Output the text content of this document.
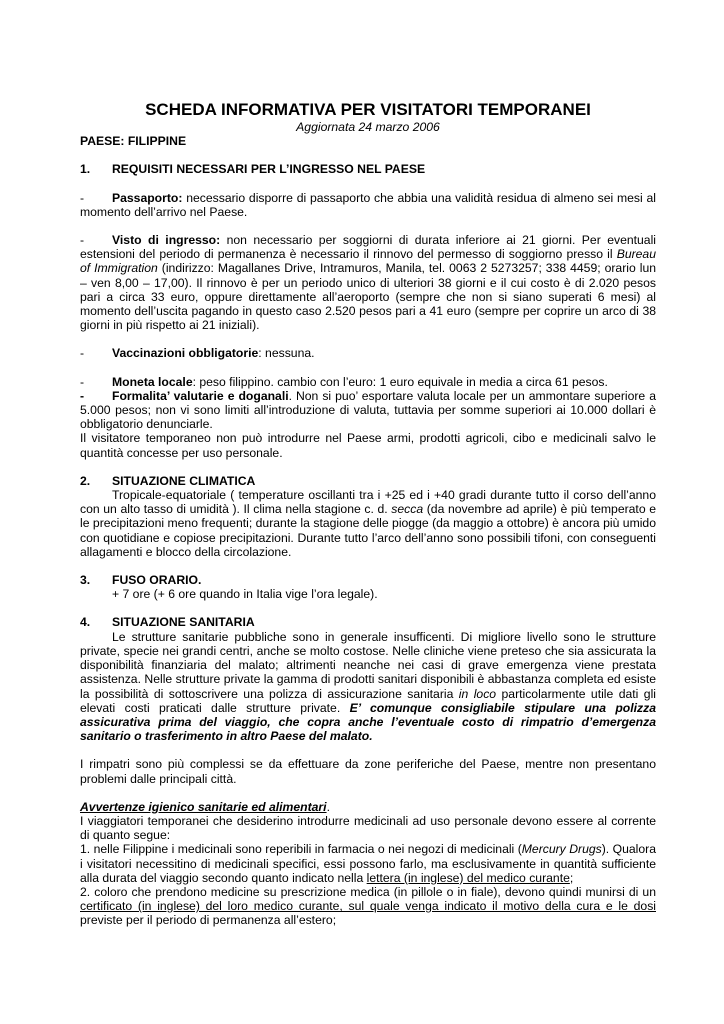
SCHEDA INFORMATIVA PER VISITATORI TEMPORANEI
Aggiornata 24 marzo 2006
PAESE: FILIPPINE
1.	REQUISITI NECESSARI PER L’INGRESSO NEL PAESE

- Passaporto: necessario disporre di passaporto che abbia una validità residua di almeno sei mesi al momento dell’arrivo nel Paese.

- Visto di ingresso: non necessario per soggiorni di durata inferiore ai 21 giorni. Per eventuali estensioni del periodo di permanenza è necessario il rinnovo del permesso di soggiorno presso il Bureau of Immigration (indirizzo: Magallanes Drive, Intramuros, Manila, tel. 0063 2 5273257; 338 4459; orario lun – ven 8,00 – 17,00). Il rinnovo è per un periodo unico di ulteriori 38 giorni e il cui costo è di 2.020 pesos pari a circa 33 euro, oppure direttamente all’aeroporto (sempre che non si siano superati 6 mesi) al momento dell’uscita pagando in questo caso 2.520 pesos pari a 41 euro (sempre per coprire un arco di 38 giorni in più rispetto ai 21 iniziali).

- Vaccinazioni obbligatorie: nessuna.

- Moneta locale: peso filippino. cambio con l’euro: 1 euro equivale in media a circa 61 pesos.

- Formalita’ valutarie e doganali. Non si puo’ esportare valuta locale per un ammontare superiore a 5.000 pesos; non vi sono limiti all’introduzione di valuta, tuttavia per somme superiori ai 10.000 dollari è obbligatorio denunciarle.

Il visitatore temporaneo non può introdurre nel Paese armi, prodotti agricoli, cibo e medicinali salvo le quantità concesse per uso personale.

2.	SITUAZIONE CLIMATICA

Tropicale-equatoriale ( temperature oscillanti tra i +25 ed i +40 gradi durante tutto il corso dell’anno con un alto tasso di umidità ). Il clima nella stagione c. d. secca (da novembre ad aprile) è più temperato e le precipitazioni meno frequenti; durante la stagione delle piogge (da maggio a ottobre) è ancora più umido con quotidiane e copiose precipitazioni. Durante tutto l’arco dell’anno sono possibili tifoni, con conseguenti allagamenti e blocco della circolazione.

3.	FUSO ORARIO.

+ 7 ore (+ 6 ore quando in Italia vige l’ora legale).

4.	SITUAZIONE SANITARIA

Le strutture sanitarie pubbliche sono in generale insufficenti. Di migliore livello sono le strutture private, specie nei grandi centri, anche se molto costose. Nelle cliniche viene preteso che sia assicurata la disponibilità finanziaria del malato; altrimenti neanche nei casi di grave emergenza viene prestata assistenza. Nelle strutture private la gamma di prodotti sanitari disponibili è abbastanza completa ed esiste la possibilità di sottoscrivere una polizza di assicurazione sanitaria in loco particolarmente utile dati gli elevati costi praticati dalle strutture private. E’ comunque consigliabile stipulare una polizza assicurativa prima del viaggio, che copra anche l’eventuale costo di rimpatrio d’emergenza sanitario o trasferimento in altro Paese del malato.

I rimpatri sono più complessi se da effettuare da zone periferiche del Paese, mentre non presentano problemi dalle principali città.

Avvertenze igienico sanitarie ed alimentari.

I viaggiatori temporanei che desiderino introdurre medicinali ad uso personale devono essere al corrente di quanto segue:

1. nelle Filippine i medicinali sono reperibili in farmacia o nei negozi di medicinali (Mercury Drugs). Qualora i visitatori necessitino di medicinali specifici, essi possono farlo, ma esclusivamente in quantità sufficiente alla durata del viaggio secondo quanto indicato nella lettera (in inglese) del medico curante;

2. coloro che prendono medicine su prescrizione medica (in pillole o in fiale), devono quindi munirsi di un certificato (in inglese) del loro medico curante, sul quale venga indicato il motivo della cura e le dosi previste per il periodo di permanenza all’estero;
